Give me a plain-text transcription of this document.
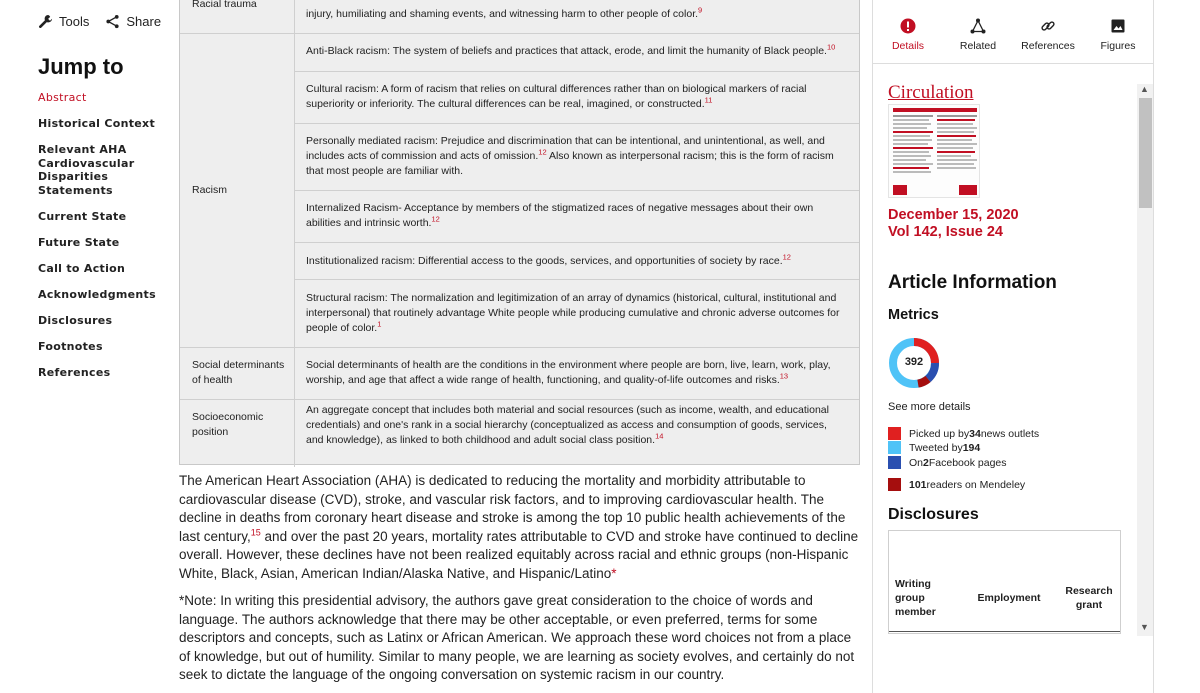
Tools	Share
Jump to
Abstract
Historical Context
Relevant AHA Cardiovascular Disparities Statements
Current State
Future State
Call to Action
Acknowledgments
Disclosures
Footnotes
References
Racial trauma
injury, humiliating and shaming events, and witnessing harm to other people of color.$^9$
Racism
Anti-Black racism: The system of beliefs and practices that attack, erode, and limit the humanity of Black people.$^{10}$
Cultural racism: A form of racism that relies on cultural differences rather than on biological markers of racial superiority or inferiority. The cultural differences can be real, imagined, or constructed.$^{11}$
Personally mediated racism: Prejudice and discrimination that can be intentional, and unintentional, as well, and includes acts of commission and acts of omission.$^{12}$ Also known as interpersonal racism; this is the form of racism that most people are familiar with.
Internalized Racism- Acceptance by members of the stigmatized races of negative messages about their own abilities and intrinsic worth.$^{12}$
Institutionalized racism: Differential access to the goods, services, and opportunities of society by race.$^{12}$
Structural racism: The normalization and legitimization of an array of dynamics (historical, cultural, institutional and interpersonal) that routinely advantage White people while producing cumulative and chronic adverse outcomes for people of color.$^1$
Social determinants of health
Social determinants of health are the conditions in the environment where people are born, live, learn, work, play, worship, and age that affect a wide range of health, functioning, and quality-of-life outcomes and risks.$^{13}$
Socioeconomic position
An aggregate concept that includes both material and social resources (such as income, wealth, and educational credentials) and one's rank in a social hierarchy (conceptualized as access and consumption of goods, services, and knowledge), as linked to both childhood and adult social class position.$^{14}$

The American Heart Association (AHA) is dedicated to reducing the mortality and morbidity attributable to cardiovascular disease (CVD), stroke, and vascular risk factors, and to improving cardiovascular health. The decline in deaths from coronary heart disease and stroke is among the top 10 public health achievements of the last century,$^{15}$ and over the past 20 years, mortality rates attributable to CVD and stroke have continued to decline overall. However, these declines have not been realized equitably across racial and ethnic groups (non-Hispanic White, Black, Asian, American Indian/Alaska Native, and Hispanic/Latino*

*Note: In writing this presidential advisory, the authors gave great consideration to the choice of words and language. The authors acknowledge that there may be other acceptable, or even preferred, terms for some descriptors and concepts, such as Latinx or African American. We approach these word choices not from a place of knowledge, but out of humility. Similar to many people, we are learning as society evolves, and certainly do not seek to dictate the language of the ongoing conversation on systemic racism in our country.

Details	Related References Figures
Circulation
December 15, 2020
Vol 142, Issue 24
Article Information
Metrics
392
See more details
Picked up by 34 news outlets
Tweeted by 194
On 2 Facebook pages
101 readers on Mendeley
Disclosures
Writing group member
Employment
Research grant
▲
▼
